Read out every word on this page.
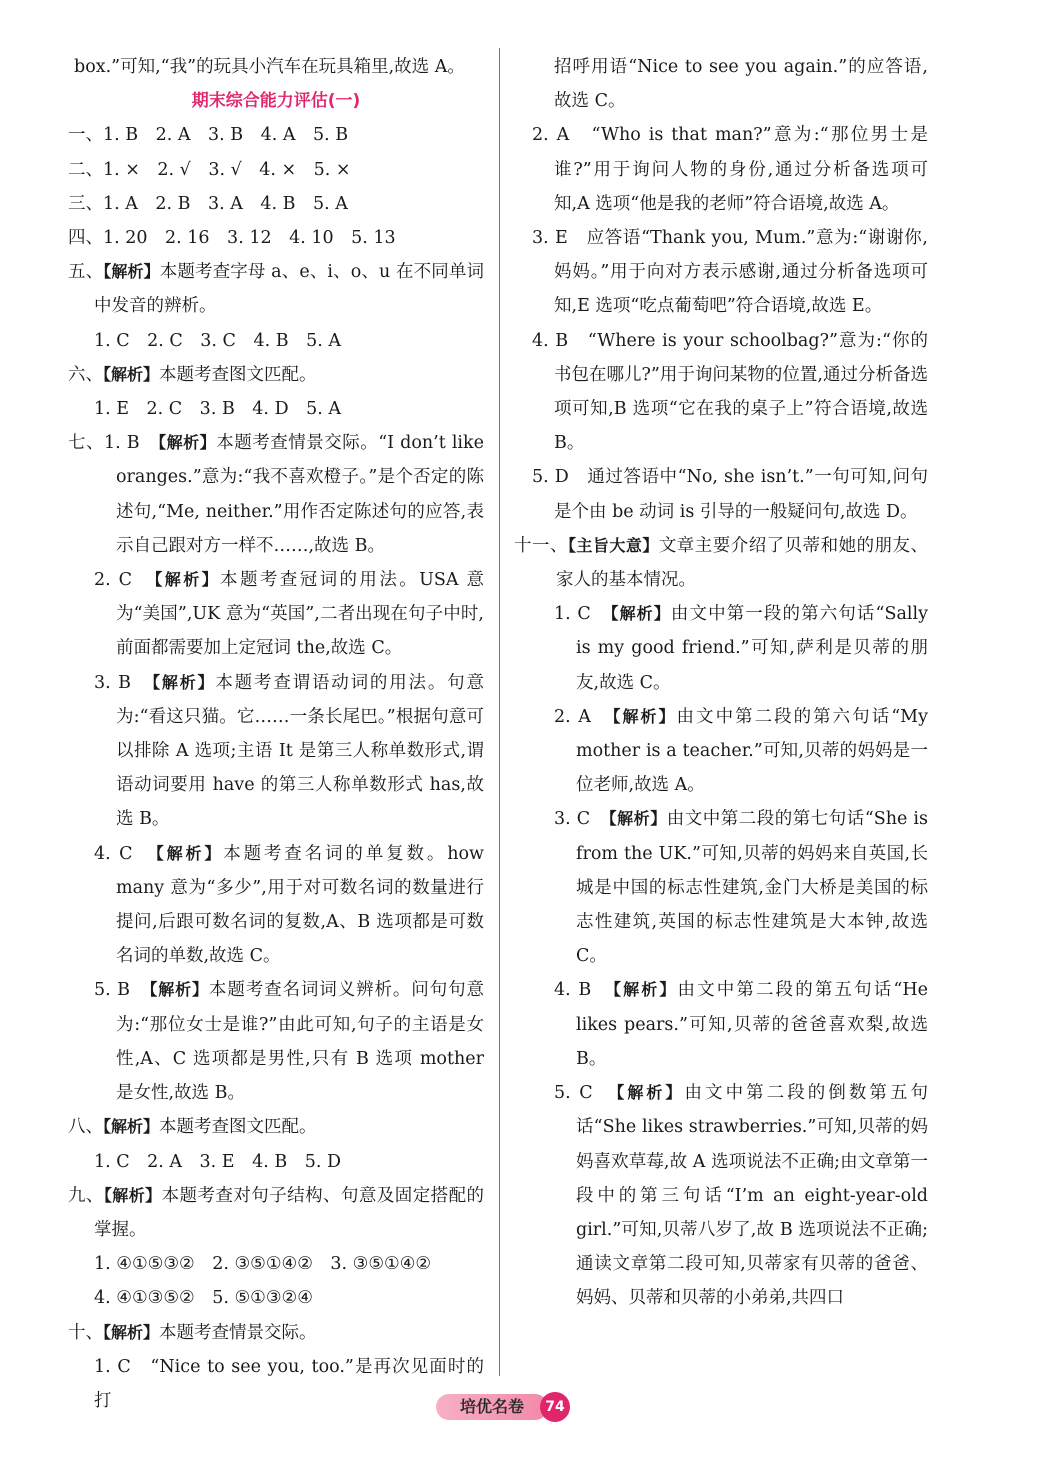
box.”可知,“我”的玩具小汽车在玩具箱里,故选 A。
期末综合能力评估(一)
一、1. B　2. A　3. B　4. A　5. B
二、1. ×　2. √　3. √　4. ×　5. ×
三、1. A　2. B　3. A　4. B　5. A
四、1. 20　2. 16　3. 12　4. 10　5. 13
五、【解析】本题考查字母 a、e、i、o、u 在不同单词中发音的辨析。
1. C　2. C　3. C　4. B　5. A
六、【解析】本题考查图文匹配。
1. E　2. C　3. B　4. D　5. A
七、1. B　【解析】本题考查情景交际。“I don’t like oranges.”意为:“我不喜欢橙子。”是个否定的陈述句,“Me, neither.”用作否定陈述句的应答,表示自己跟对方一样不……,故选 B。
2. C　【解析】本题考查冠词的用法。USA 意为“美国”,UK 意为“英国”,二者出现在句子中时,前面都需要加上定冠词 the,故选 C。
3. B　【解析】本题考查谓语动词的用法。句意为:“看这只猫。它……一条长尾巴。”根据句意可以排除 A 选项;主语 It 是第三人称单数形式,谓语动词要用 have 的第三人称单数形式 has,故选 B。
4. C　【解析】本题考查名词的单复数。how many 意为“多少”,用于对可数名词的数量进行提问,后跟可数名词的复数,A、B 选项都是可数名词的单数,故选 C。
5. B　【解析】本题考查名词词义辨析。问句句意为:“那位女士是谁?”由此可知,句子的主语是女性,A、C 选项都是男性,只有 B 选项 mother 是女性,故选 B。
八、【解析】本题考查图文匹配。
1. C　2. A　3. E　4. B　5. D
九、【解析】本题考查对句子结构、句意及固定搭配的掌握。
1. ④①⑤③②　2. ③⑤①④②　3. ③⑤①④②
4. ④①③⑤②　5. ⑤①③②④
十、【解析】本题考查情景交际。
1. C　“Nice to see you, too.”是再次见面时的打
招呼用语“Nice to see you again.”的应答语,故选 C。
2. A　“Who is that man?”意为:“那位男士是谁?”用于询问人物的身份,通过分析备选项可知,A 选项“他是我的老师”符合语境,故选 A。
3. E　应答语“Thank you, Mum.”意为:“谢谢你,妈妈。”用于向对方表示感谢,通过分析备选项可知,E 选项“吃点葡萄吧”符合语境,故选 E。
4. B　“Where is your schoolbag?”意为:“你的书包在哪儿?”用于询问某物的位置,通过分析备选项可知,B 选项“它在我的桌子上”符合语境,故选 B。
5. D　通过答语中“No, she isn’t.”一句可知,问句是个由 be 动词 is 引导的一般疑问句,故选 D。
十一、【主旨大意】文章主要介绍了贝蒂和她的朋友、家人的基本情况。
1. C　【解析】由文中第一段的第六句话“Sally is my good friend.”可知,萨利是贝蒂的朋友,故选 C。
2. A　【解析】由文中第二段的第六句话“My mother is a teacher.”可知,贝蒂的妈妈是一位老师,故选 A。
3. C　【解析】由文中第二段的第七句话“She is from the UK.”可知,贝蒂的妈妈来自英国,长城是中国的标志性建筑,金门大桥是美国的标志性建筑,英国的标志性建筑是大本钟,故选 C。
4. B　【解析】由文中第二段的第五句话“He likes pears.”可知,贝蒂的爸爸喜欢梨,故选 B。
5. C　【解析】由文中第二段的倒数第五句话“She likes strawberries.”可知,贝蒂的妈妈喜欢草莓,故 A 选项说法不正确;由文章第一段中的第三句话“I’m an eight-year-old girl.”可知,贝蒂八岁了,故 B 选项说法不正确;通读文章第二段可知,贝蒂家有贝蒂的爸爸、妈妈、贝蒂和贝蒂的小弟弟,共四口
培优名卷	74
